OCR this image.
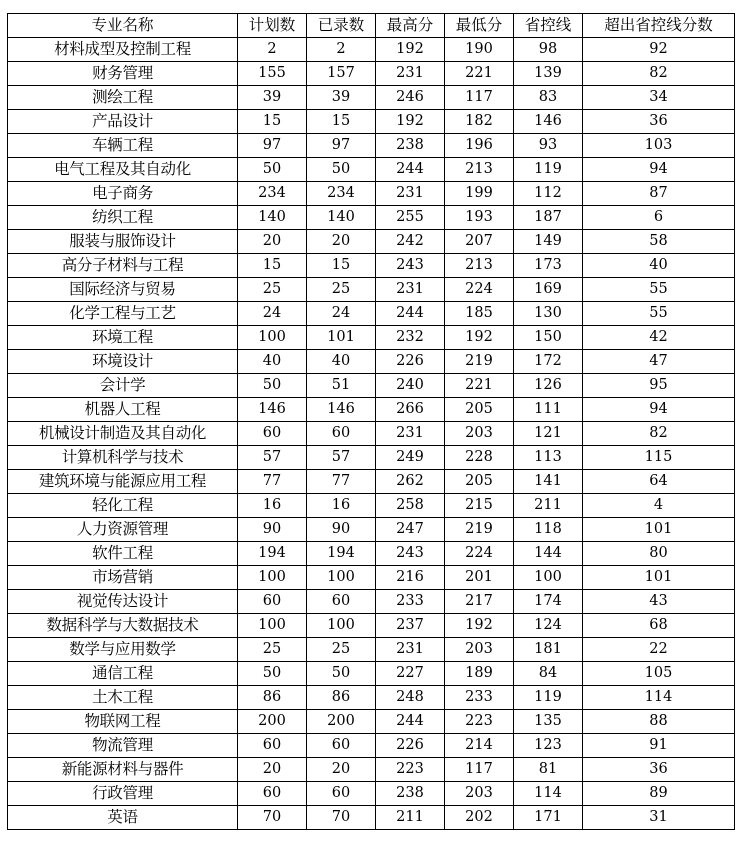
专业名称	计划数	已录数	最高分	最低分	省控线	超出省控线分数
材料成型及控制工程	2	2	192	190	98	92
财务管理	155	157	231	221	139	82
测绘工程	39	39	246	117	83	34
产品设计	15	15	192	182	146	36
车辆工程	97	97	238	196	93	103
电气工程及其自动化	50	50	244	213	119	94
电子商务	234	234	231	199	112	87
纺织工程	140	140	255	193	187	6
服装与服饰设计	20	20	242	207	149	58
高分子材料与工程	15	15	243	213	173	40
国际经济与贸易	25	25	231	224	169	55
化学工程与工艺	24	24	244	185	130	55
环境工程	100	101	232	192	150	42
环境设计	40	40	226	219	172	47
会计学	50	51	240	221	126	95
机器人工程	146	146	266	205	111	94
机械设计制造及其自动化	60	60	231	203	121	82
计算机科学与技术	57	57	249	228	113	115
建筑环境与能源应用工程	77	77	262	205	141	64
轻化工程	16	16	258	215	211	4
人力资源管理	90	90	247	219	118	101
软件工程	194	194	243	224	144	80
市场营销	100	100	216	201	100	101
视觉传达设计	60	60	233	217	174	43
数据科学与大数据技术	100	100	237	192	124	68
数学与应用数学	25	25	231	203	181	22
通信工程	50	50	227	189	84	105
土木工程	86	86	248	233	119	114
物联网工程	200	200	244	223	135	88
物流管理	60	60	226	214	123	91
新能源材料与器件	20	20	223	117	81	36
行政管理	60	60	238	203	114	89
英语	70	70	211	202	171	31
